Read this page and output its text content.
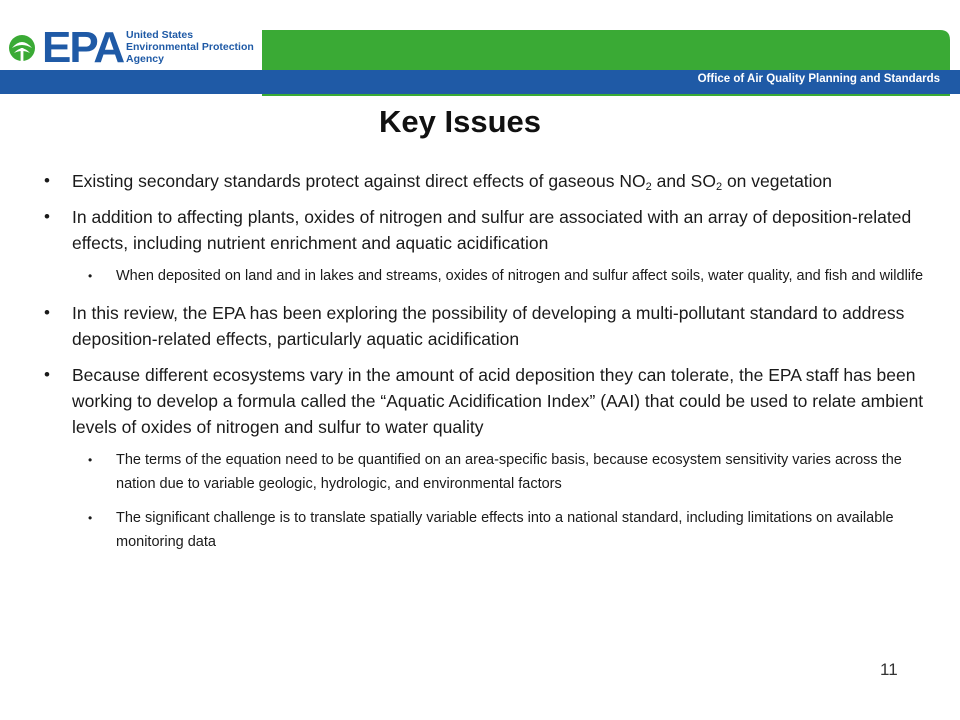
EPA United States
Environmental Protection
Agency
Office of Air Quality Planning and Standards
Key Issues
• Existing secondary standards protect against direct effects of gaseous $NO_2$ and $SO_2$ on vegetation
• In addition to affecting plants, oxides of nitrogen and sulfur are associated with an array of deposition-related effects, including nutrient enrichment and aquatic acidification
• When deposited on land and in lakes and streams, oxides of nitrogen and sulfur affect soils, water quality, and fish and wildlife
• In this review, the EPA has been exploring the possibility of developing a multi-pollutant standard to address deposition-related effects, particularly aquatic acidification
• Because different ecosystems vary in the amount of acid deposition they can tolerate, the EPA staff has been working to develop a formula called the “Aquatic Acidification Index” (AAI) that could be used to relate ambient levels of oxides of nitrogen and sulfur to water quality
• The terms of the equation need to be quantified on an area-specific basis, because ecosystem sensitivity varies across the nation due to variable geologic, hydrologic, and environmental factors
• The significant challenge is to translate spatially variable effects into a national standard, including limitations on available monitoring data
11
